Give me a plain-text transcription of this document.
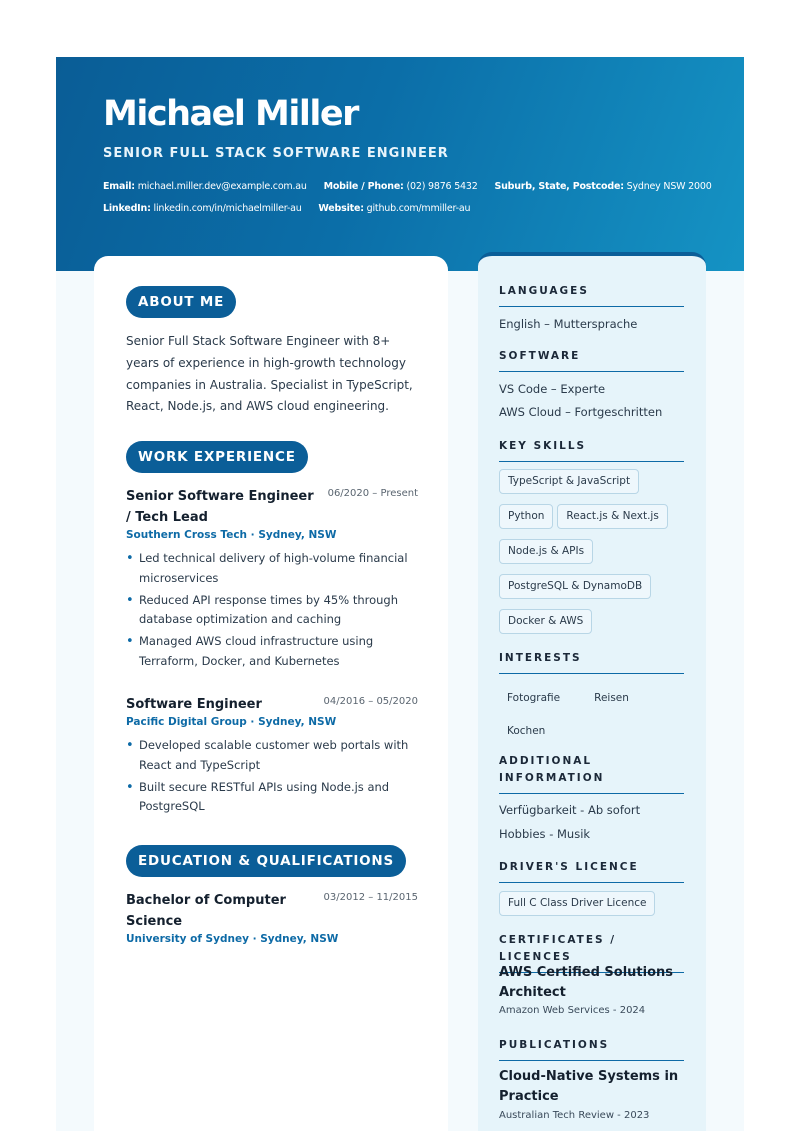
Michael Miller
SENIOR FULL STACK SOFTWARE ENGINEER
Email: michael.miller.dev@example.com.au Mobile / Phone: (02) 9876 5432 Suburb, State, Postcode: Sydney NSW 2000
LinkedIn: linkedin.com/in/michaelmiller-au Website: github.com/mmiller-au
ABOUT ME
Senior Full Stack Software Engineer with 8+ years of experience in high-growth technology companies in Australia. Specialist in TypeScript, React, Node.js, and AWS cloud engineering.
WORK EXPERIENCE
Senior Software Engineer / Tech Lead
06/2020 – Present
Southern Cross Tech · Sydney, NSW
• Led technical delivery of high-volume financial microservices
• Reduced API response times by 45% through database optimization and caching
• Managed AWS cloud infrastructure using Terraform, Docker, and Kubernetes
Software Engineer	04/2016 – 05/2020
Pacific Digital Group · Sydney, NSW
• Developed scalable customer web portals with React and TypeScript
• Built secure RESTful APIs using Node.js and PostgreSQL
EDUCATION & QUALIFICATIONS
Bachelor of Computer Science
03/2012 – 11/2015
University of Sydney · Sydney, NSW
LANGUAGES
English – Muttersprache
SOFTWARE
VS Code – Experte
AWS Cloud – Fortgeschritten
KEY SKILLS
TypeScript & JavaScript
Python React.js & Next.js
Node.js & APIs
PostgreSQL & DynamoDB
Docker & AWS
INTERESTS
Fotografie	Reisen
Kochen
ADDITIONAL INFORMATION
Verfügbarkeit - Ab sofort
Hobbies - Musik
DRIVER'S LICENCE
Full C Class Driver Licence
CERTIFICATES / LICENCES
AWS Certified Solutions Architect
Amazon Web Services - 2024
PUBLICATIONS
Cloud-Native Systems in Practice
Australian Tech Review - 2023
